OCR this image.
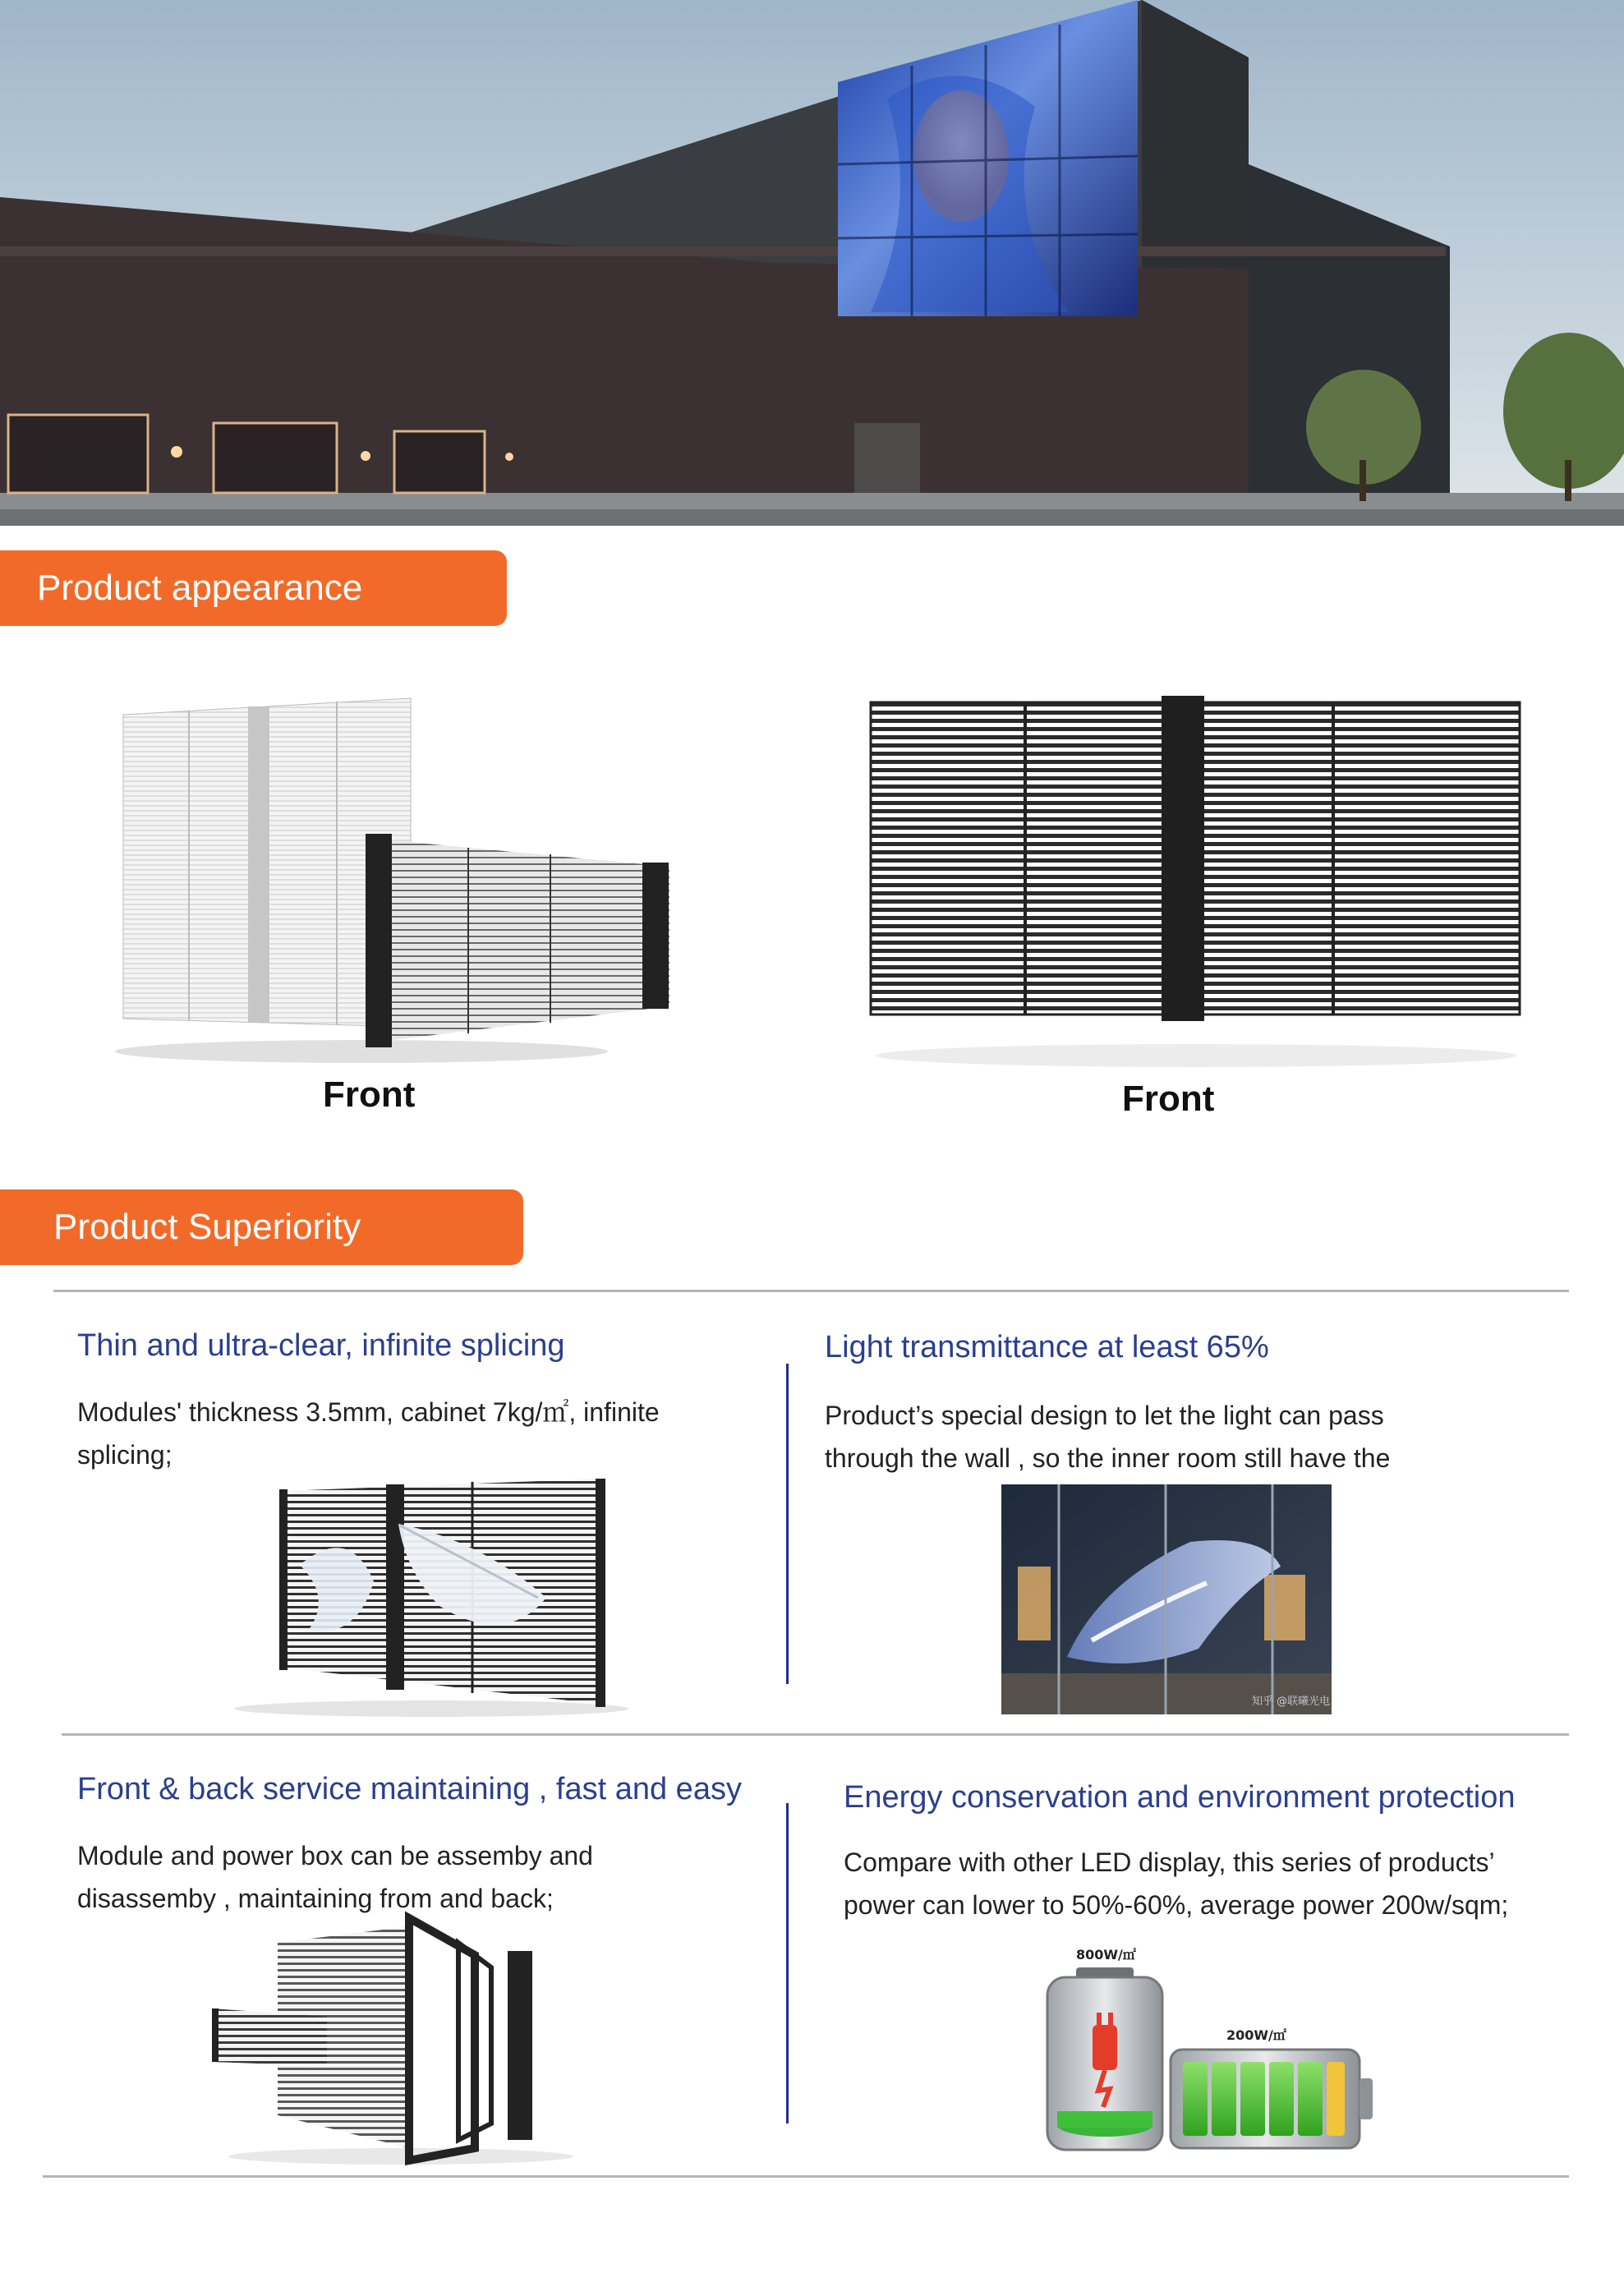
Product appearance
Front	Front
Product Superiority
Thin and ultra-clear, infinite splicing
Modules' thickness 3.5mm, cabinet 7kg/㎡, infinite splicing;
Light transmittance at least 65%
Product’s special design to let the light can pass through the wall , so the inner room still have the
知乎 @联曦光电
Front & back service maintaining , fast and easy
Module and power box can be assemby and disassemby , maintaining from and back;
Energy conservation and environment protection
Compare with other LED display, this series of products’ power can lower to 50%-60%, average power 200w/sqm;
800W/㎡
200W/㎡
